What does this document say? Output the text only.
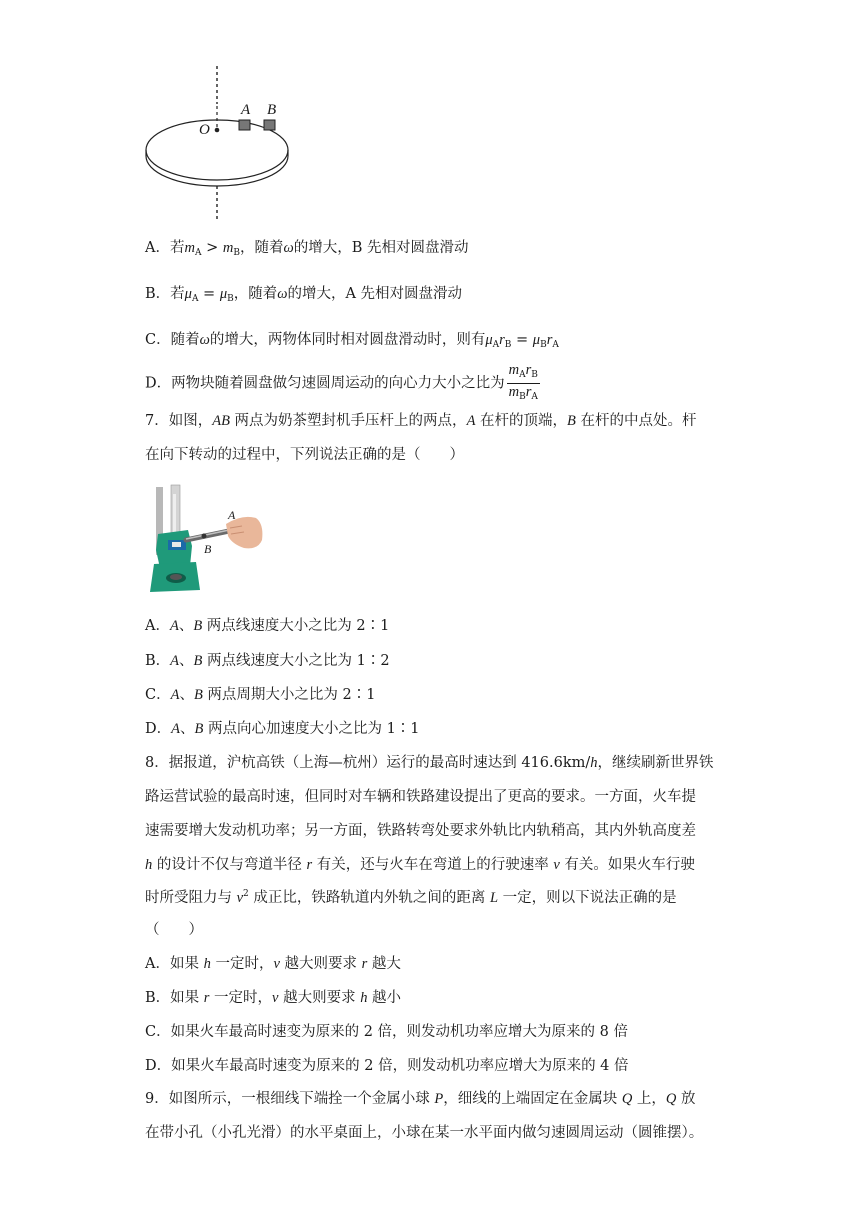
O
A B
A．若$m_A > m_B$，随着ω的增大，B 先相对圆盘滑动
B．若$\mu_A = \mu_B$，随着ω的增大，A 先相对圆盘滑动
C．随着ω的增大，两物体同时相对圆盘滑动时，则有$\mu_Ar_B = \mu_Br_A$
D．两物块随着圆盘做匀速圆周运动的向心力大小之比为 $\frac{m_Ar_B}{m_Br_A}$
7．如图，AB 两点为奶茶塑封机手压杆上的两点，A 在杆的顶端，B 在杆的中点处。杆
在向下转动的过程中，下列说法正确的是（　　）
A
B
A．A、B 两点线速度大小之比为 2∶1
B．A、B 两点线速度大小之比为 1∶2
C．A、B 两点周期大小之比为 2∶1
D．A、B 两点向心加速度大小之比为 1∶1
8．据报道，沪杭高铁（上海—杭州）运行的最高时速达到 416.6km/h，继续刷新世界铁
路运营试验的最高时速，但同时对车辆和铁路建设提出了更高的要求。一方面，火车提
速需要增大发动机功率；另一方面，铁路转弯处要求外轨比内轨稍高，其内外轨高度差
h 的设计不仅与弯道半径 r 有关，还与火车在弯道上的行驶速率 v 有关。如果火车行驶
时所受阻力与 $v^2$ 成正比，铁路轨道内外轨之间的距离 L 一定，则以下说法正确的是
（　　）
A．如果 h 一定时，v 越大则要求 r 越大
B．如果 r 一定时，v 越大则要求 h 越小
C．如果火车最高时速变为原来的 2 倍，则发动机功率应增大为原来的 8 倍
D．如果火车最高时速变为原来的 2 倍，则发动机功率应增大为原来的 4 倍
9．如图所示，一根细线下端拴一个金属小球 P，细线的上端固定在金属块 Q 上，Q 放
在带小孔（小孔光滑）的水平桌面上，小球在某一水平面内做匀速圆周运动（圆锥摆）。
